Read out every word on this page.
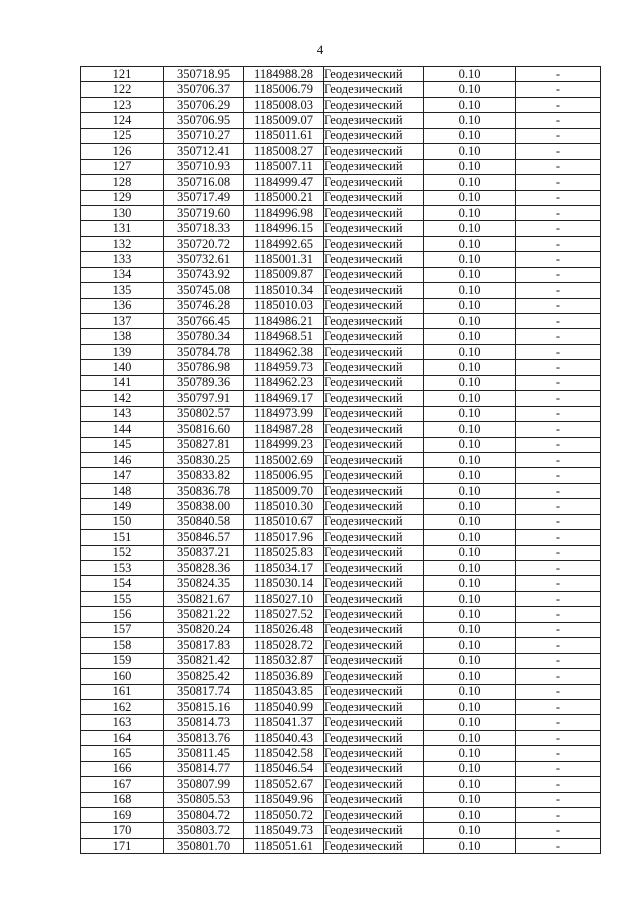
4
121	350718.95	1184988.28	Геодезический	0.10	-
122	350706.37	1185006.79	Геодезический	0.10	-
123	350706.29	1185008.03	Геодезический	0.10	-
124	350706.95	1185009.07	Геодезический	0.10	-
125	350710.27	1185011.61	Геодезический	0.10	-
126	350712.41	1185008.27	Геодезический	0.10	-
127	350710.93	1185007.11	Геодезический	0.10	-
128	350716.08	1184999.47	Геодезический	0.10	-
129	350717.49	1185000.21	Геодезический	0.10	-
130	350719.60	1184996.98	Геодезический	0.10	-
131	350718.33	1184996.15	Геодезический	0.10	-
132	350720.72	1184992.65	Геодезический	0.10	-
133	350732.61	1185001.31	Геодезический	0.10	-
134	350743.92	1185009.87	Геодезический	0.10	-
135	350745.08	1185010.34	Геодезический	0.10	-
136	350746.28	1185010.03	Геодезический	0.10	-
137	350766.45	1184986.21	Геодезический	0.10	-
138	350780.34	1184968.51	Геодезический	0.10	-
139	350784.78	1184962.38	Геодезический	0.10	-
140	350786.98	1184959.73	Геодезический	0.10	-
141	350789.36	1184962.23	Геодезический	0.10	-
142	350797.91	1184969.17	Геодезический	0.10	-
143	350802.57	1184973.99	Геодезический	0.10	-
144	350816.60	1184987.28	Геодезический	0.10	-
145	350827.81	1184999.23	Геодезический	0.10	-
146	350830.25	1185002.69	Геодезический	0.10	-
147	350833.82	1185006.95	Геодезический	0.10	-
148	350836.78	1185009.70	Геодезический	0.10	-
149	350838.00	1185010.30	Геодезический	0.10	-
150	350840.58	1185010.67	Геодезический	0.10	-
151	350846.57	1185017.96	Геодезический	0.10	-
152	350837.21	1185025.83	Геодезический	0.10	-
153	350828.36	1185034.17	Геодезический	0.10	-
154	350824.35	1185030.14	Геодезический	0.10	-
155	350821.67	1185027.10	Геодезический	0.10	-
156	350821.22	1185027.52	Геодезический	0.10	-
157	350820.24	1185026.48	Геодезический	0.10	-
158	350817.83	1185028.72	Геодезический	0.10	-
159	350821.42	1185032.87	Геодезический	0.10	-
160	350825.42	1185036.89	Геодезический	0.10	-
161	350817.74	1185043.85	Геодезический	0.10	-
162	350815.16	1185040.99	Геодезический	0.10	-
163	350814.73	1185041.37	Геодезический	0.10	-
164	350813.76	1185040.43	Геодезический	0.10	-
165	350811.45	1185042.58	Геодезический	0.10	-
166	350814.77	1185046.54	Геодезический	0.10	-
167	350807.99	1185052.67	Геодезический	0.10	-
168	350805.53	1185049.96	Геодезический	0.10	-
169	350804.72	1185050.72	Геодезический	0.10	-
170	350803.72	1185049.73	Геодезический	0.10	-
171	350801.70	1185051.61	Геодезический	0.10	-
